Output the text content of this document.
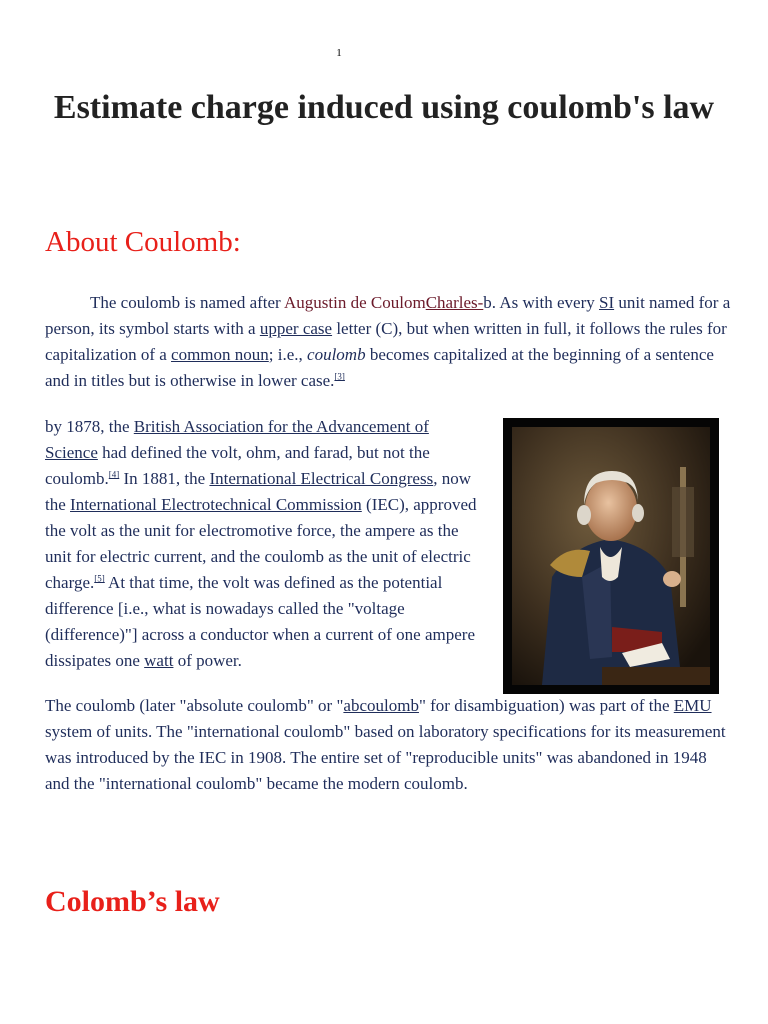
1
Estimate charge induced using coulomb's law
About Coulomb:

The coulomb is named after Augustin de CoulomCharles-b. As with every SI unit named for a person, its symbol starts with a upper case letter (C), but when written in full, it follows the rules for capitalization of a common noun; i.e., coulomb becomes capitalized at the beginning of a sentence and in titles but is otherwise in lower case.[3]

by 1878, the British Association for the Advancement of Science had defined the volt, ohm, and farad, but not the coulomb.[4] In 1881, the International Electrical Congress, now the International Electrotechnical Commission (IEC), approved the volt as the unit for electromotive force, the ampere as the unit for electric current, and the coulomb as the unit of electric charge.[5] At that time, the volt was defined as the potential difference [i.e., what is nowadays called the "voltage (difference)"] across a conductor when a current of one ampere dissipates one watt of power.

The coulomb (later "absolute coulomb" or "abcoulomb" for disambiguation) was part of the EMU system of units. The "international coulomb" based on laboratory specifications for its measurement was introduced by the IEC in 1908. The entire set of "reproducible units" was abandoned in 1948 and the "international coulomb" became the modern coulomb.

Colomb’s law
